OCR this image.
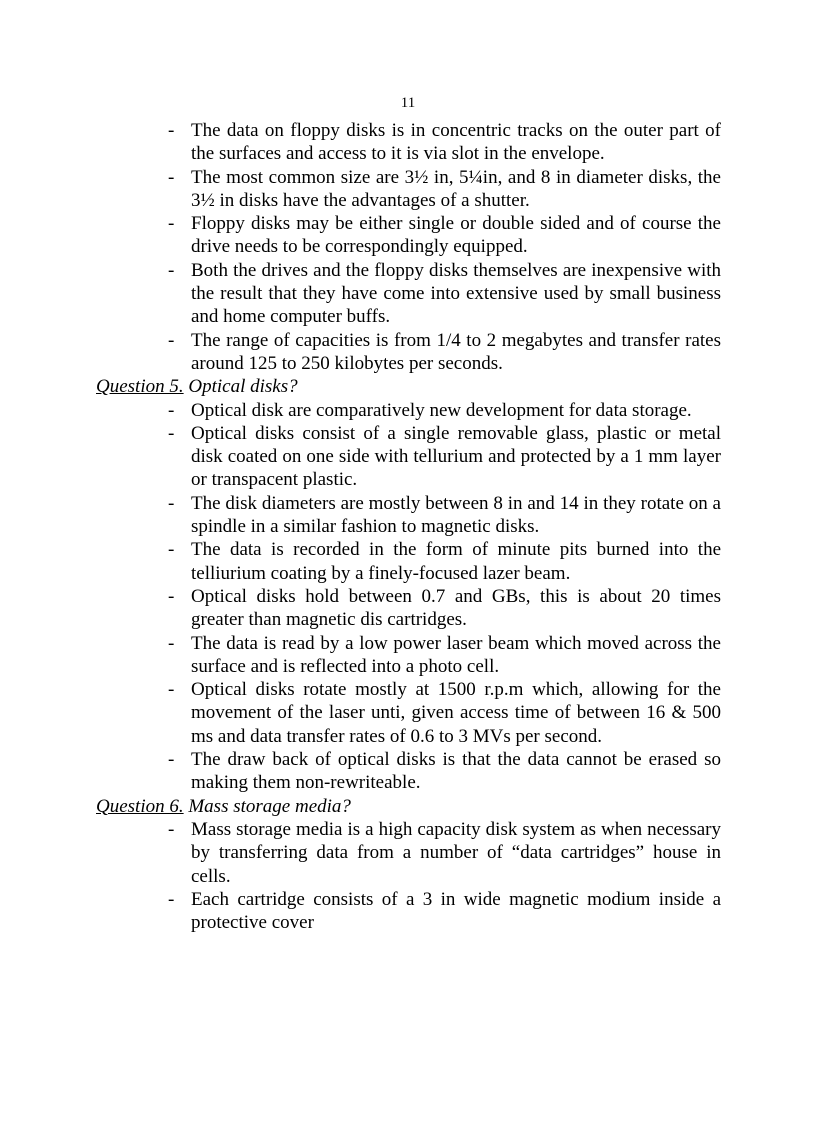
11
- The data on floppy disks is in concentric tracks on the outer part of the surfaces and access to it is via slot in the envelope.
- The most common size are 3½ in, 5¼in, and 8 in diameter disks, the 3½ in disks have the advantages of a shutter.
- Floppy disks may be either single or double sided and of course the drive needs to be correspondingly equipped.
- Both the drives and the floppy disks themselves are inexpensive with the result that they have come into extensive used by small business and home computer buffs.
- The range of capacities is from 1/4 to 2 megabytes and transfer rates around 125 to 250 kilobytes per seconds.
Question 5. Optical disks?
- Optical disk are comparatively new development for data storage.
- Optical disks consist of a single removable glass, plastic or metal disk coated on one side with tellurium and protected by a 1 mm layer or transpacent plastic.
- The disk diameters are mostly between 8 in and 14 in they rotate on a spindle in a similar fashion to magnetic disks.
- The data is recorded in the form of minute pits burned into the telliurium coating by a finely-focused lazer beam.
- Optical disks hold between 0.7 and GBs, this is about 20 times greater than magnetic dis cartridges.
- The data is read by a low power laser beam which moved across the surface and is reflected into a photo cell.
- Optical disks rotate mostly at 1500 r.p.m which, allowing for the movement of the laser unti, given access time of between 16 & 500 ms and data transfer rates of 0.6 to 3 MVs per second.
- The draw back of optical disks is that the data cannot be erased so making them non-rewriteable.
Question 6. Mass storage media?
- Mass storage media is a high capacity disk system as when necessary by transferring data from a number of “data cartridges” house in cells.
- Each cartridge consists of a 3 in wide magnetic modium inside a protective cover
